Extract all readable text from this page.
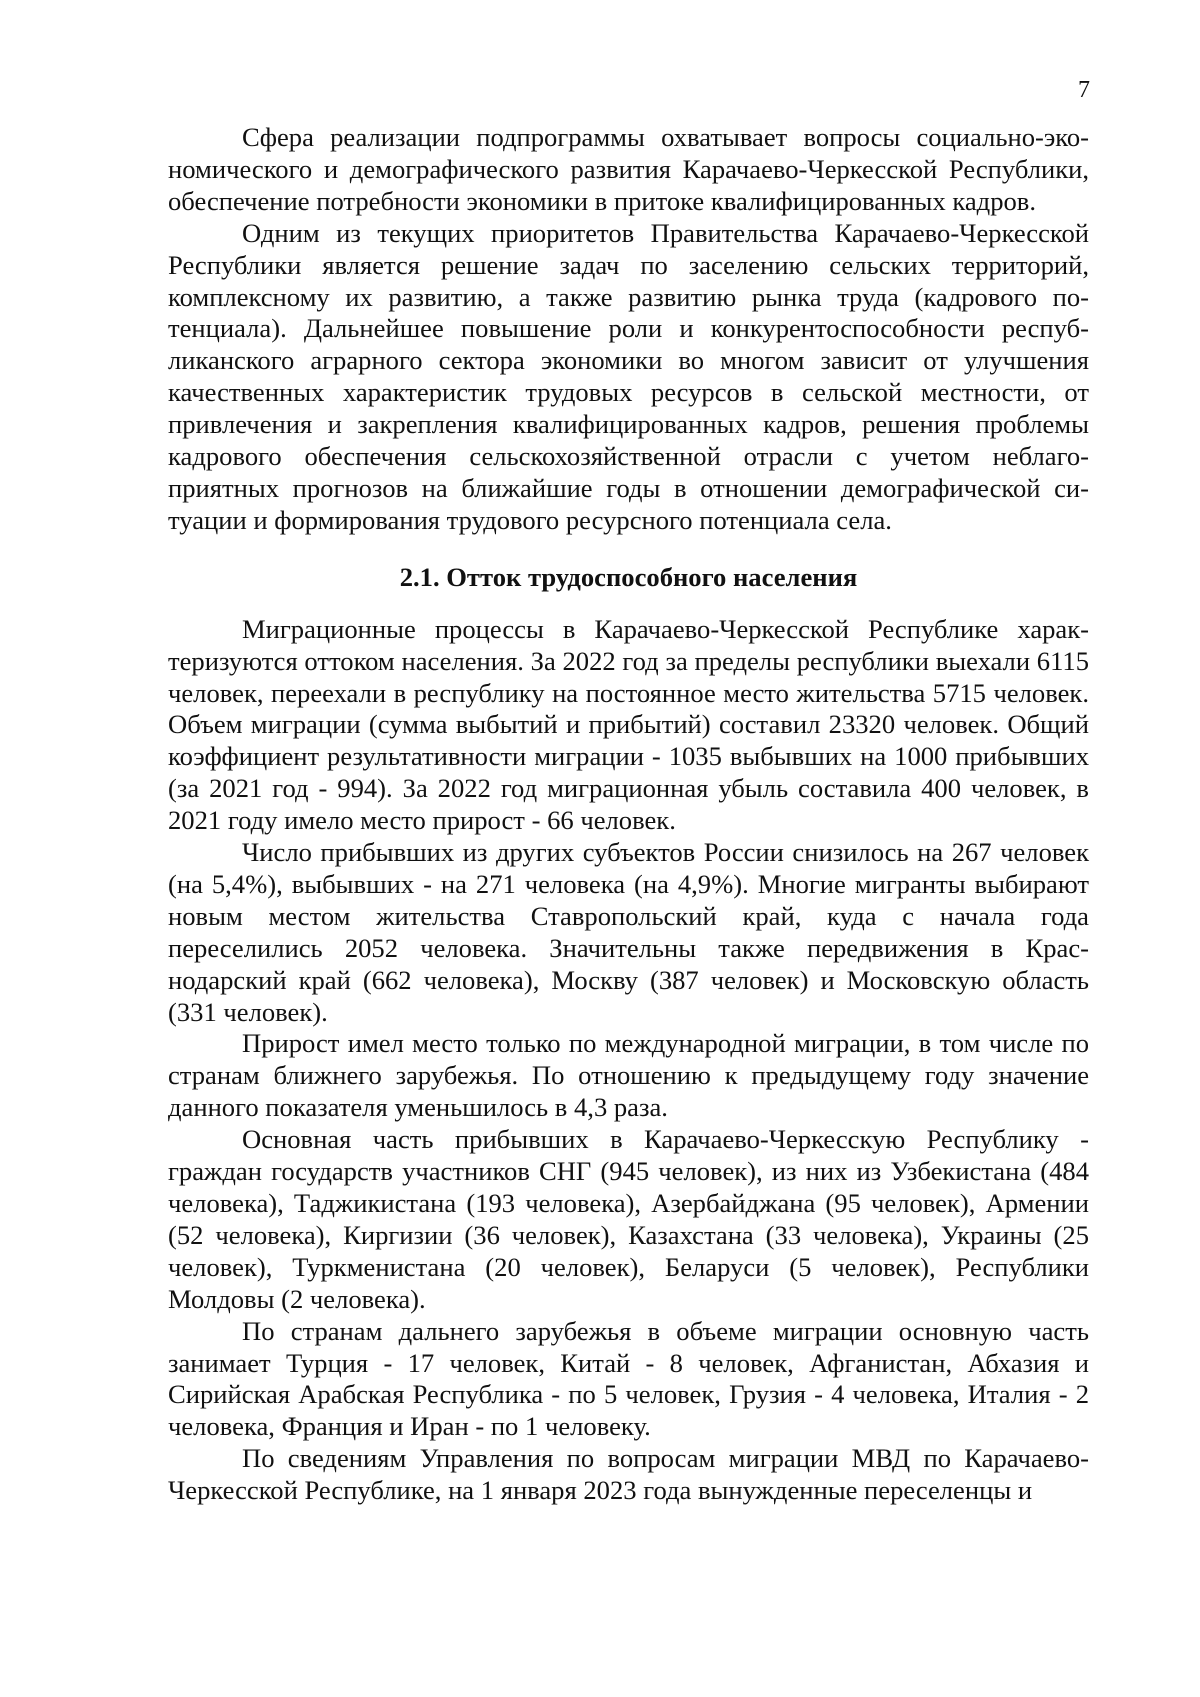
7

Сфера реализации подпрограммы охватывает вопросы социально-экономического и демографического развития Карачаево-Черкесской Республики, обеспечение потребности экономики в притоке квалифицированных кадров.

Одним из текущих приоритетов Правительства Карачаево-Черкесской Республики является решение задач по заселению сельских территорий, комплексному их развитию, а также развитию рынка труда (кадрового потенциала). Дальнейшее повышение роли и конкурентоспособности республиканского аграрного сектора экономики во многом зависит от улучшения качественных характеристик трудовых ресурсов в сельской местности, от привлечения и закрепления квалифицированных кадров, решения проблемы кадрового обеспечения сельскохозяйственной отрасли с учетом неблагоприятных прогнозов на ближайшие годы в отношении демографической ситуации и формирования трудового ресурсного потенциала села.

2.1. Отток трудоспособного населения

Миграционные процессы в Карачаево-Черкесской Республике характеризуются оттоком населения. За 2022 год за пределы республики выехали 6115 человек, переехали в республику на постоянное место жительства 5715 человек. Объем миграции (сумма выбытий и прибытий) составил 23320 человек. Общий коэффициент результативности миграции - 1035 выбывших на 1000 прибывших (за 2021 год - 994). За 2022 год миграционная убыль составила 400 человек, в 2021 году имело место прирост - 66 человек.

Число прибывших из других субъектов России снизилось на 267 человек (на 5,4%), выбывших - на 271 человека (на 4,9%). Многие мигранты выбирают новым местом жительства Ставропольский край, куда с начала года переселились 2052 человека. Значительны также передвижения в Краснодарский край (662 человека), Москву (387 человек) и Московскую область (331 человек).

Прирост имел место только по международной миграции, в том числе по странам ближнего зарубежья. По отношению к предыдущему году значение данного показателя уменьшилось в 4,3 раза.

Основная часть прибывших в Карачаево-Черкесскую Республику - граждан государств участников СНГ (945 человек), из них из Узбекистана (484 человека), Таджикистана (193 человека), Азербайджана (95 человек), Армении (52 человека), Киргизии (36 человек), Казахстана (33 человека), Украины (25 человек), Туркменистана (20 человек), Беларуси (5 человек), Республики Молдовы (2 человека).

По странам дальнего зарубежья в объеме миграции основную часть занимает Турция - 17 человек, Китай - 8 человек, Афганистан, Абхазия и Сирийская Арабская Республика - по 5 человек, Грузия - 4 человека, Италия - 2 человека, Франция и Иран - по 1 человеку.

По сведениям Управления по вопросам миграции МВД по Карачаево-Черкесской Республике, на 1 января 2023 года вынужденные переселенцы и
